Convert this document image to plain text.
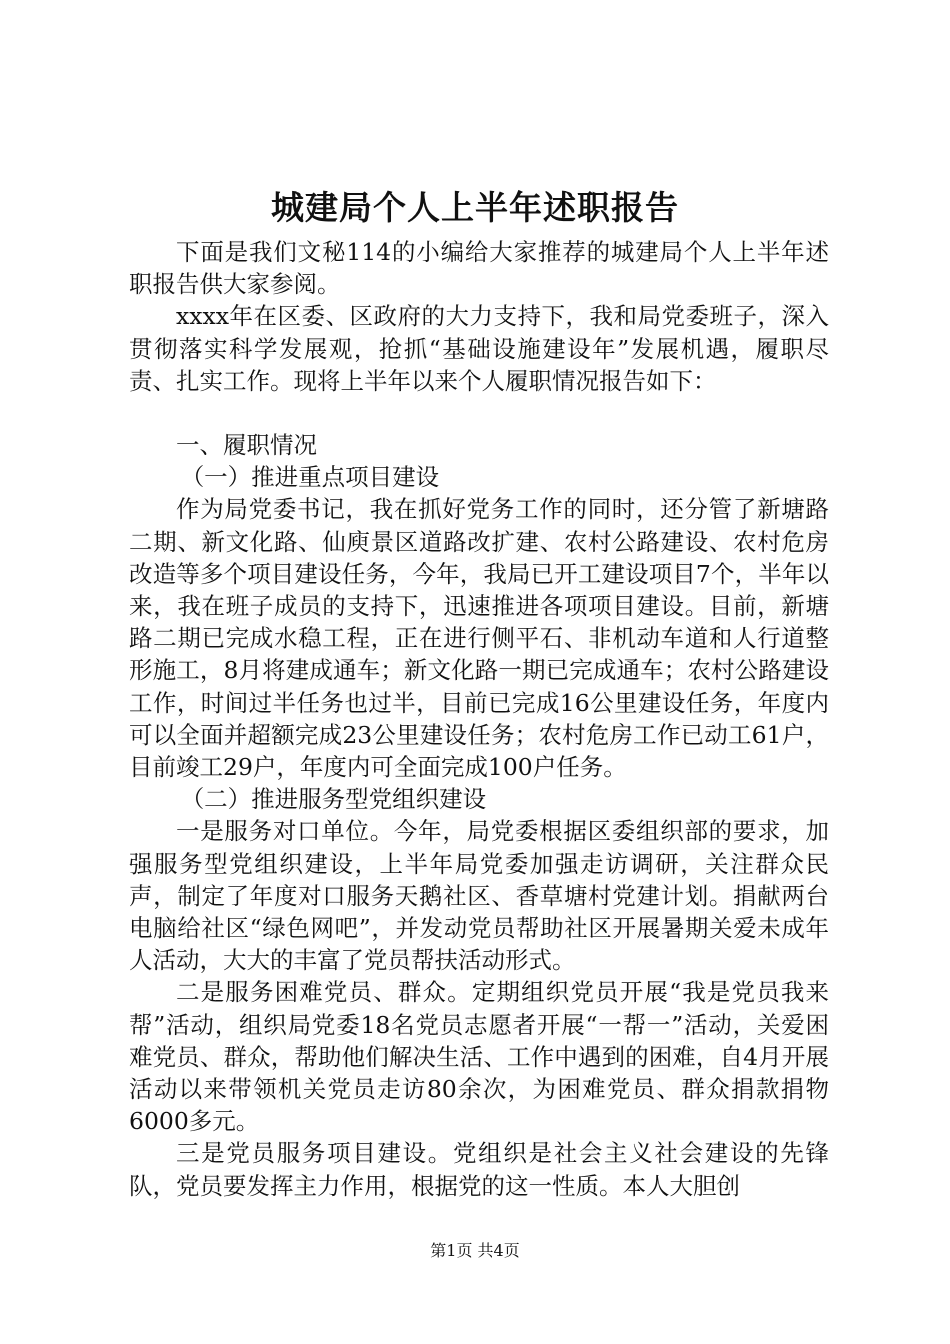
城建局个人上半年述职报告

下面是我们文秘114的小编给大家推荐的城建局个人上半年述职报告供大家参阅。

xxxx年在区委、区政府的大力支持下，我和局党委班子，深入贯彻落实科学发展观，抢抓“基础设施建设年”发展机遇，履职尽责、扎实工作。现将上半年以来个人履职情况报告如下：

一、履职情况

（一）推进重点项目建设

作为局党委书记，我在抓好党务工作的同时，还分管了新塘路二期、新文化路、仙庾景区道路改扩建、农村公路建设、农村危房改造等多个项目建设任务，今年，我局已开工建设项目7个，半年以来，我在班子成员的支持下，迅速推进各项项目建设。目前，新塘路二期已完成水稳工程，正在进行侧平石、非机动车道和人行道整形施工，8月将建成通车；新文化路一期已完成通车；农村公路建设工作，时间过半任务也过半，目前已完成16公里建设任务，年度内可以全面并超额完成23公里建设任务；农村危房工作已动工61户，目前竣工29户，年度内可全面完成100户任务。

（二）推进服务型党组织建设

一是服务对口单位。今年，局党委根据区委组织部的要求，加强服务型党组织建设，上半年局党委加强走访调研，关注群众民声，制定了年度对口服务天鹅社区、香草塘村党建计划。捐献两台电脑给社区“绿色网吧”，并发动党员帮助社区开展暑期关爱未成年人活动，大大的丰富了党员帮扶活动形式。

二是服务困难党员、群众。定期组织党员开展“我是党员我来帮”活动，组织局党委18名党员志愿者开展“一帮一”活动，关爱困难党员、群众，帮助他们解决生活、工作中遇到的困难，自4月开展活动以来带领机关党员走访80余次，为困难党员、群众捐款捐物6000多元。

三是党员服务项目建设。党组织是社会主义社会建设的先锋队，党员要发挥主力作用，根据党的这一性质。本人大胆创

第1页 共4页
